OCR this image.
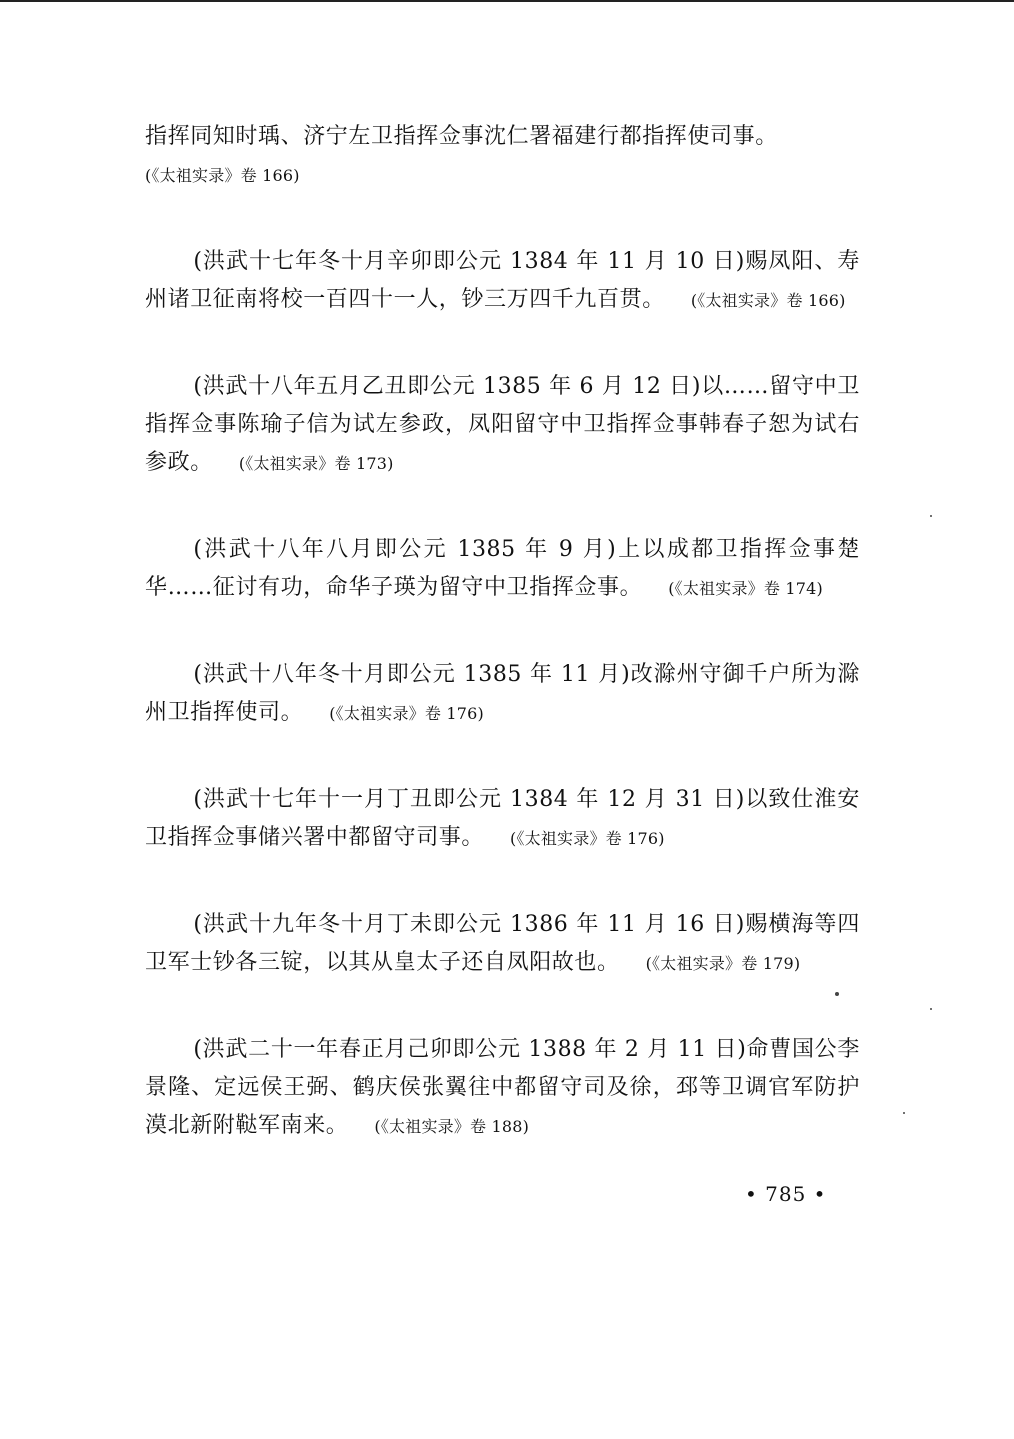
指挥同知时瑀、济宁左卫指挥佥事沈仁署福建行都指挥使司事。
(《太祖实录》卷 166)

(洪武十七年冬十月辛卯即公元 1384 年 11 月 10 日)赐凤阳、寿州诸卫征南将校一百四十一人，钞三万四千九百贯。 (《太祖实录》卷 166)

(洪武十八年五月乙丑即公元 1385 年 6 月 12 日)以……留守中卫指挥佥事陈瑜子信为试左参政，凤阳留守中卫指挥佥事韩春子恕为试右参政。 (《太祖实录》卷 173)

(洪武十八年八月即公元 1385 年 9 月)上以成都卫指挥佥事楚华……征讨有功，命华子瑛为留守中卫指挥佥事。 (《太祖实录》卷 174)

(洪武十八年冬十月即公元 1385 年 11 月)改滁州守御千户所为滁州卫指挥使司。 (《太祖实录》卷 176)

(洪武十七年十一月丁丑即公元 1384 年 12 月 31 日)以致仕淮安卫指挥佥事储兴署中都留守司事。 (《太祖实录》卷 176)

(洪武十九年冬十月丁未即公元 1386 年 11 月 16 日)赐横海等四卫军士钞各三锭，以其从皇太子还自凤阳故也。 (《太祖实录》卷 179)

(洪武二十一年春正月己卯即公元 1388 年 2 月 11 日)命曹国公李景隆、定远侯王弼、鹤庆侯张翼往中都留守司及徐，邳等卫调官军防护漠北新附鞑军南来。 (《太祖实录》卷 188)

• 785 •
